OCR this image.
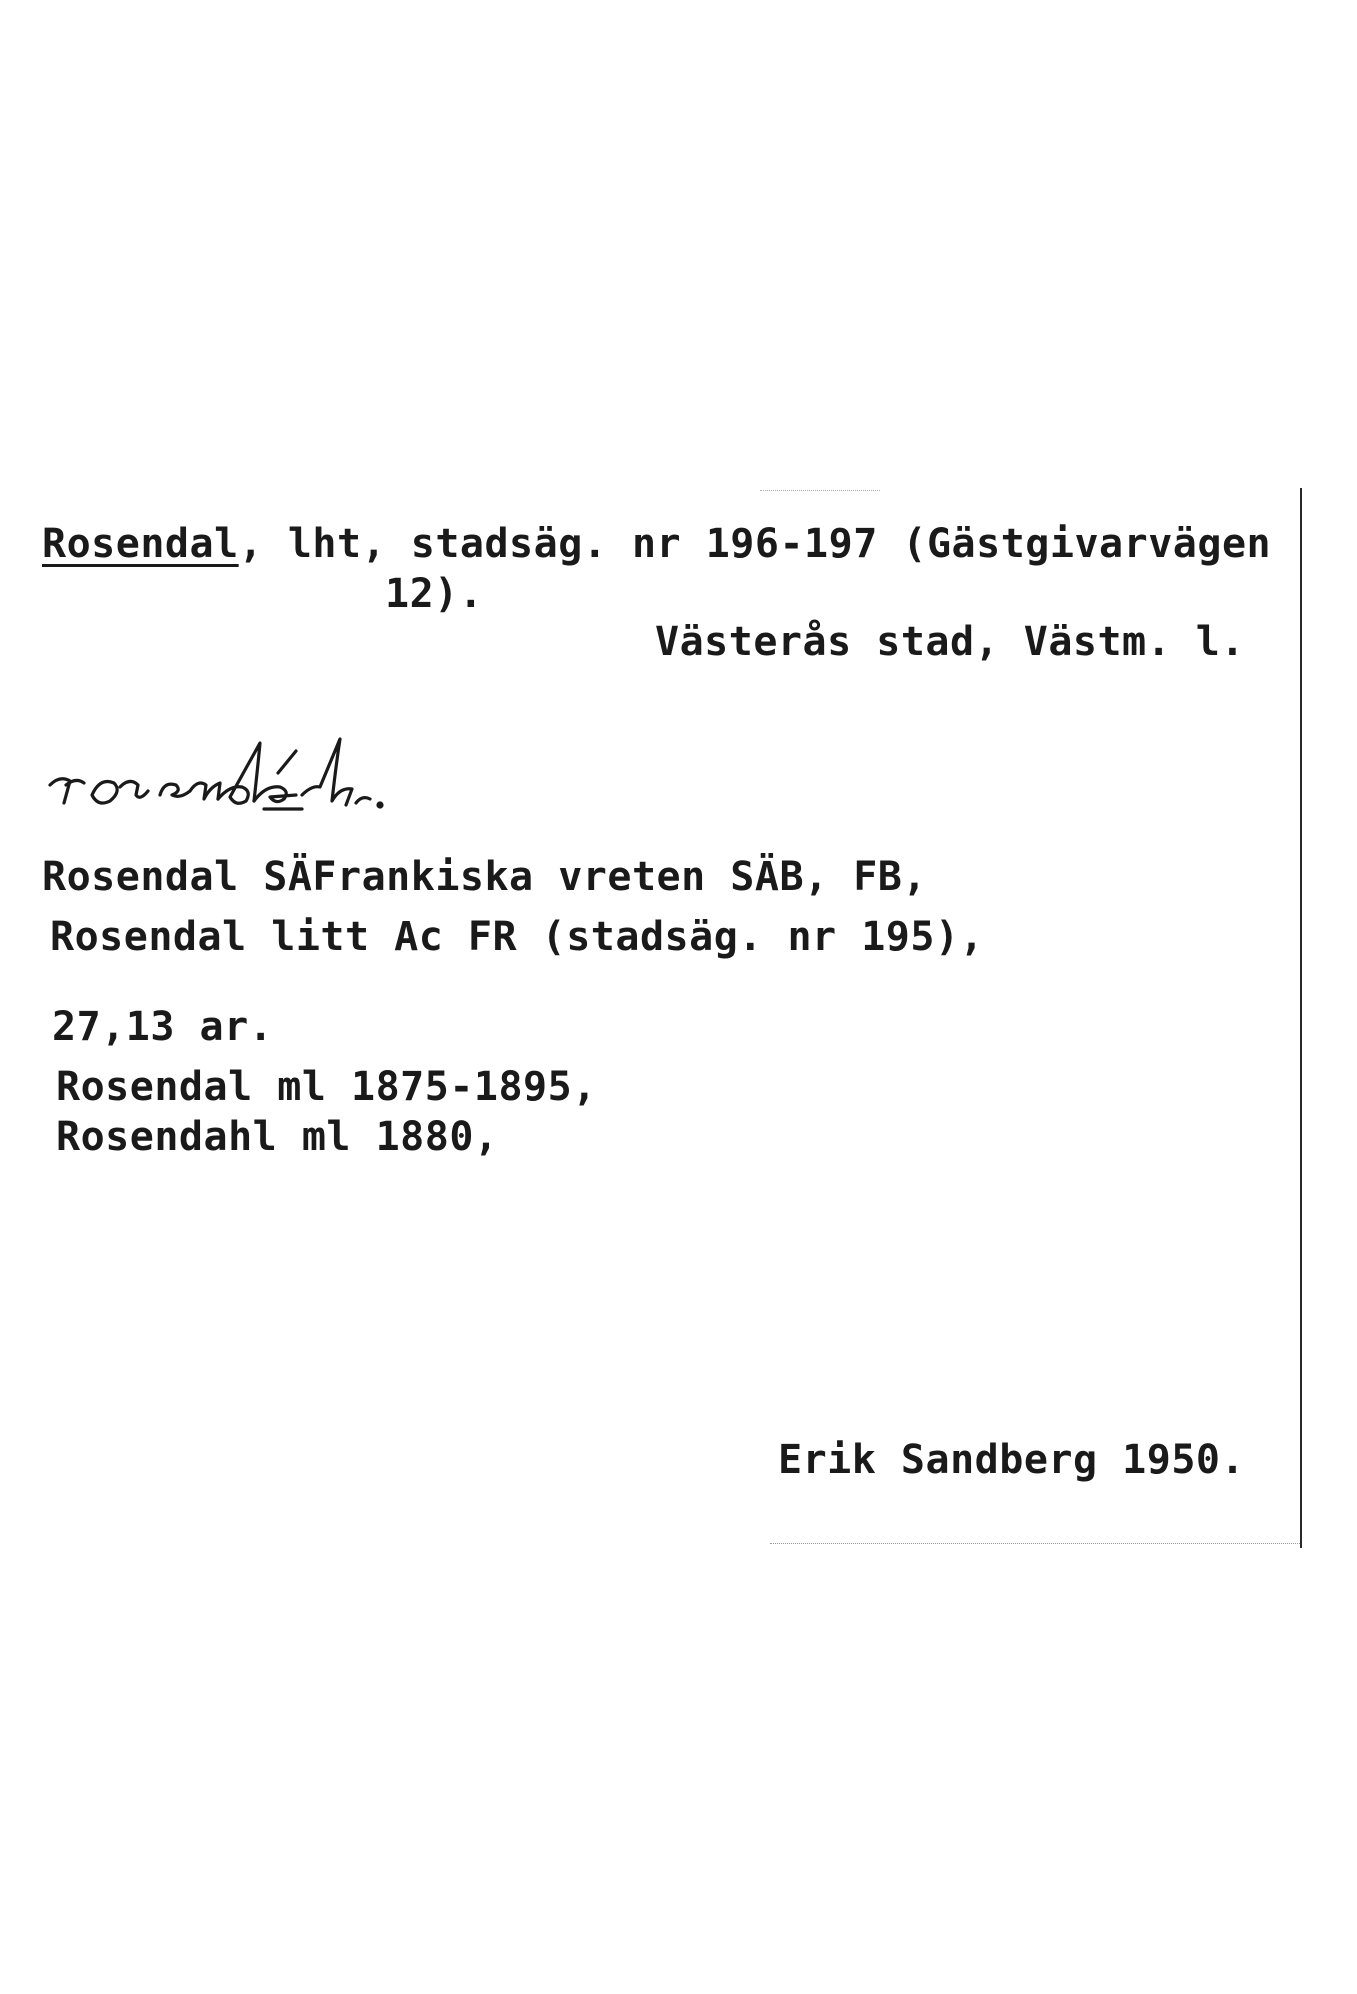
Rosendal, lht, stadsäg. nr 196-197 (Gästgivarvägen
12).
Västerås stad, Västm. l.
Rosendal SÄFrankiska vreten SÄB, FB,
Rosendal litt Ac FR (stadsäg. nr 195),
27,13 ar.
Rosendal ml 1875-1895,
Rosendahl ml 1880,
Erik Sandberg 1950.
